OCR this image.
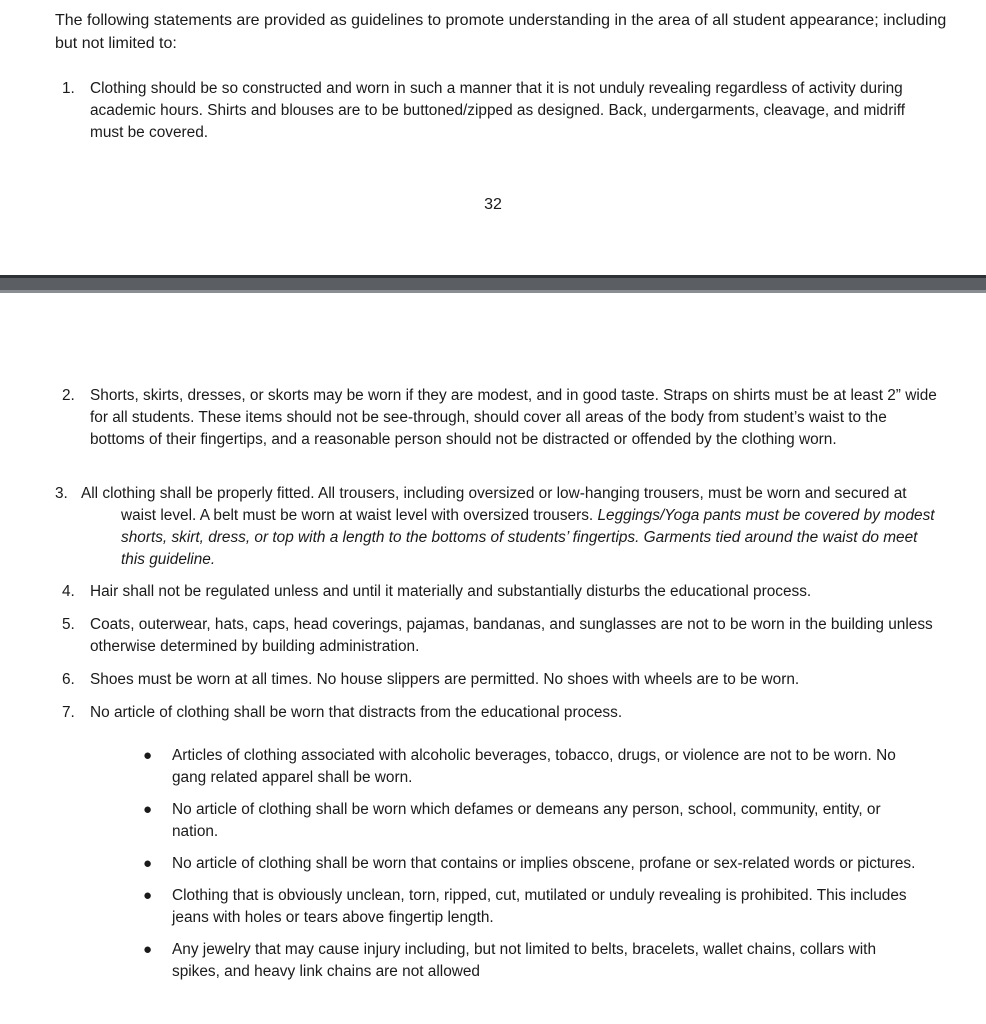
The following statements are provided as guidelines to promote understanding in the area of all student appearance; including but not limited to:
1. Clothing should be so constructed and worn in such a manner that it is not unduly revealing regardless of activity during academic hours. Shirts and blouses are to be buttoned/zipped as designed. Back, undergarments, cleavage, and midriff must be covered.
32
2. Shorts, skirts, dresses, or skorts may be worn if they are modest, and in good taste. Straps on shirts must be at least 2” wide for all students. These items should not be see-through, should cover all areas of the body from student’s waist to the bottoms of their fingertips, and a reasonable person should not be distracted or offended by the clothing worn.
3. All clothing shall be properly fitted. All trousers, including oversized or low-hanging trousers, must be worn and secured at waist level. A belt must be worn at waist level with oversized trousers. Leggings/Yoga pants must be covered by modest shorts, skirt, dress, or top with a length to the bottoms of students’ fingertips. Garments tied around the waist do meet this guideline.
4. Hair shall not be regulated unless and until it materially and substantially disturbs the educational process.
5. Coats, outerwear, hats, caps, head coverings, pajamas, bandanas, and sunglasses are not to be worn in the building unless otherwise determined by building administration.
6. Shoes must be worn at all times. No house slippers are permitted. No shoes with wheels are to be worn.
7. No article of clothing shall be worn that distracts from the educational process.
● Articles of clothing associated with alcoholic beverages, tobacco, drugs, or violence are not to be worn. No gang related apparel shall be worn.
● No article of clothing shall be worn which defames or demeans any person, school, community, entity, or nation.
● No article of clothing shall be worn that contains or implies obscene, profane or sex-related words or pictures.
● Clothing that is obviously unclean, torn, ripped, cut, mutilated or unduly revealing is prohibited. This includes jeans with holes or tears above fingertip length.
● Any jewelry that may cause injury including, but not limited to belts, bracelets, wallet chains, collars with spikes, and heavy link chains are not allowed
